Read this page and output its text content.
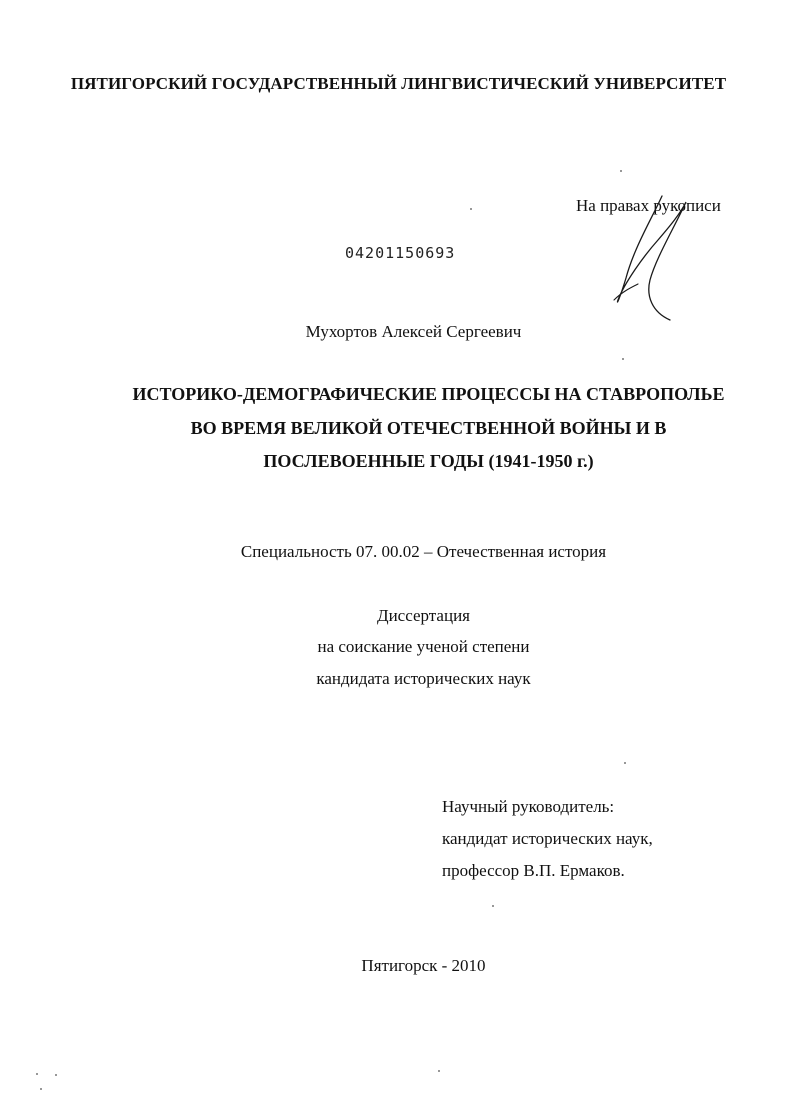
ПЯТИГОРСКИЙ ГОСУДАРСТВЕННЫЙ ЛИНГВИСТИЧЕСКИЙ УНИВЕРСИТЕТ
На правах рукописи
04201150693
Мухортов Алексей Сергеевич
ИСТОРИКО-ДЕМОГРАФИЧЕСКИЕ ПРОЦЕССЫ НА СТАВРОПОЛЬЕ
ВО ВРЕМЯ ВЕЛИКОЙ ОТЕЧЕСТВЕННОЙ ВОЙНЫ И В
ПОСЛЕВОЕННЫЕ ГОДЫ (1941-1950 г.)
Специальность 07. 00.02 – Отечественная история
Диссертация
на соискание ученой степени
кандидата исторических наук
Научный руководитель:
кандидат исторических наук,
профессор В.П. Ермаков.
Пятигорск - 2010
